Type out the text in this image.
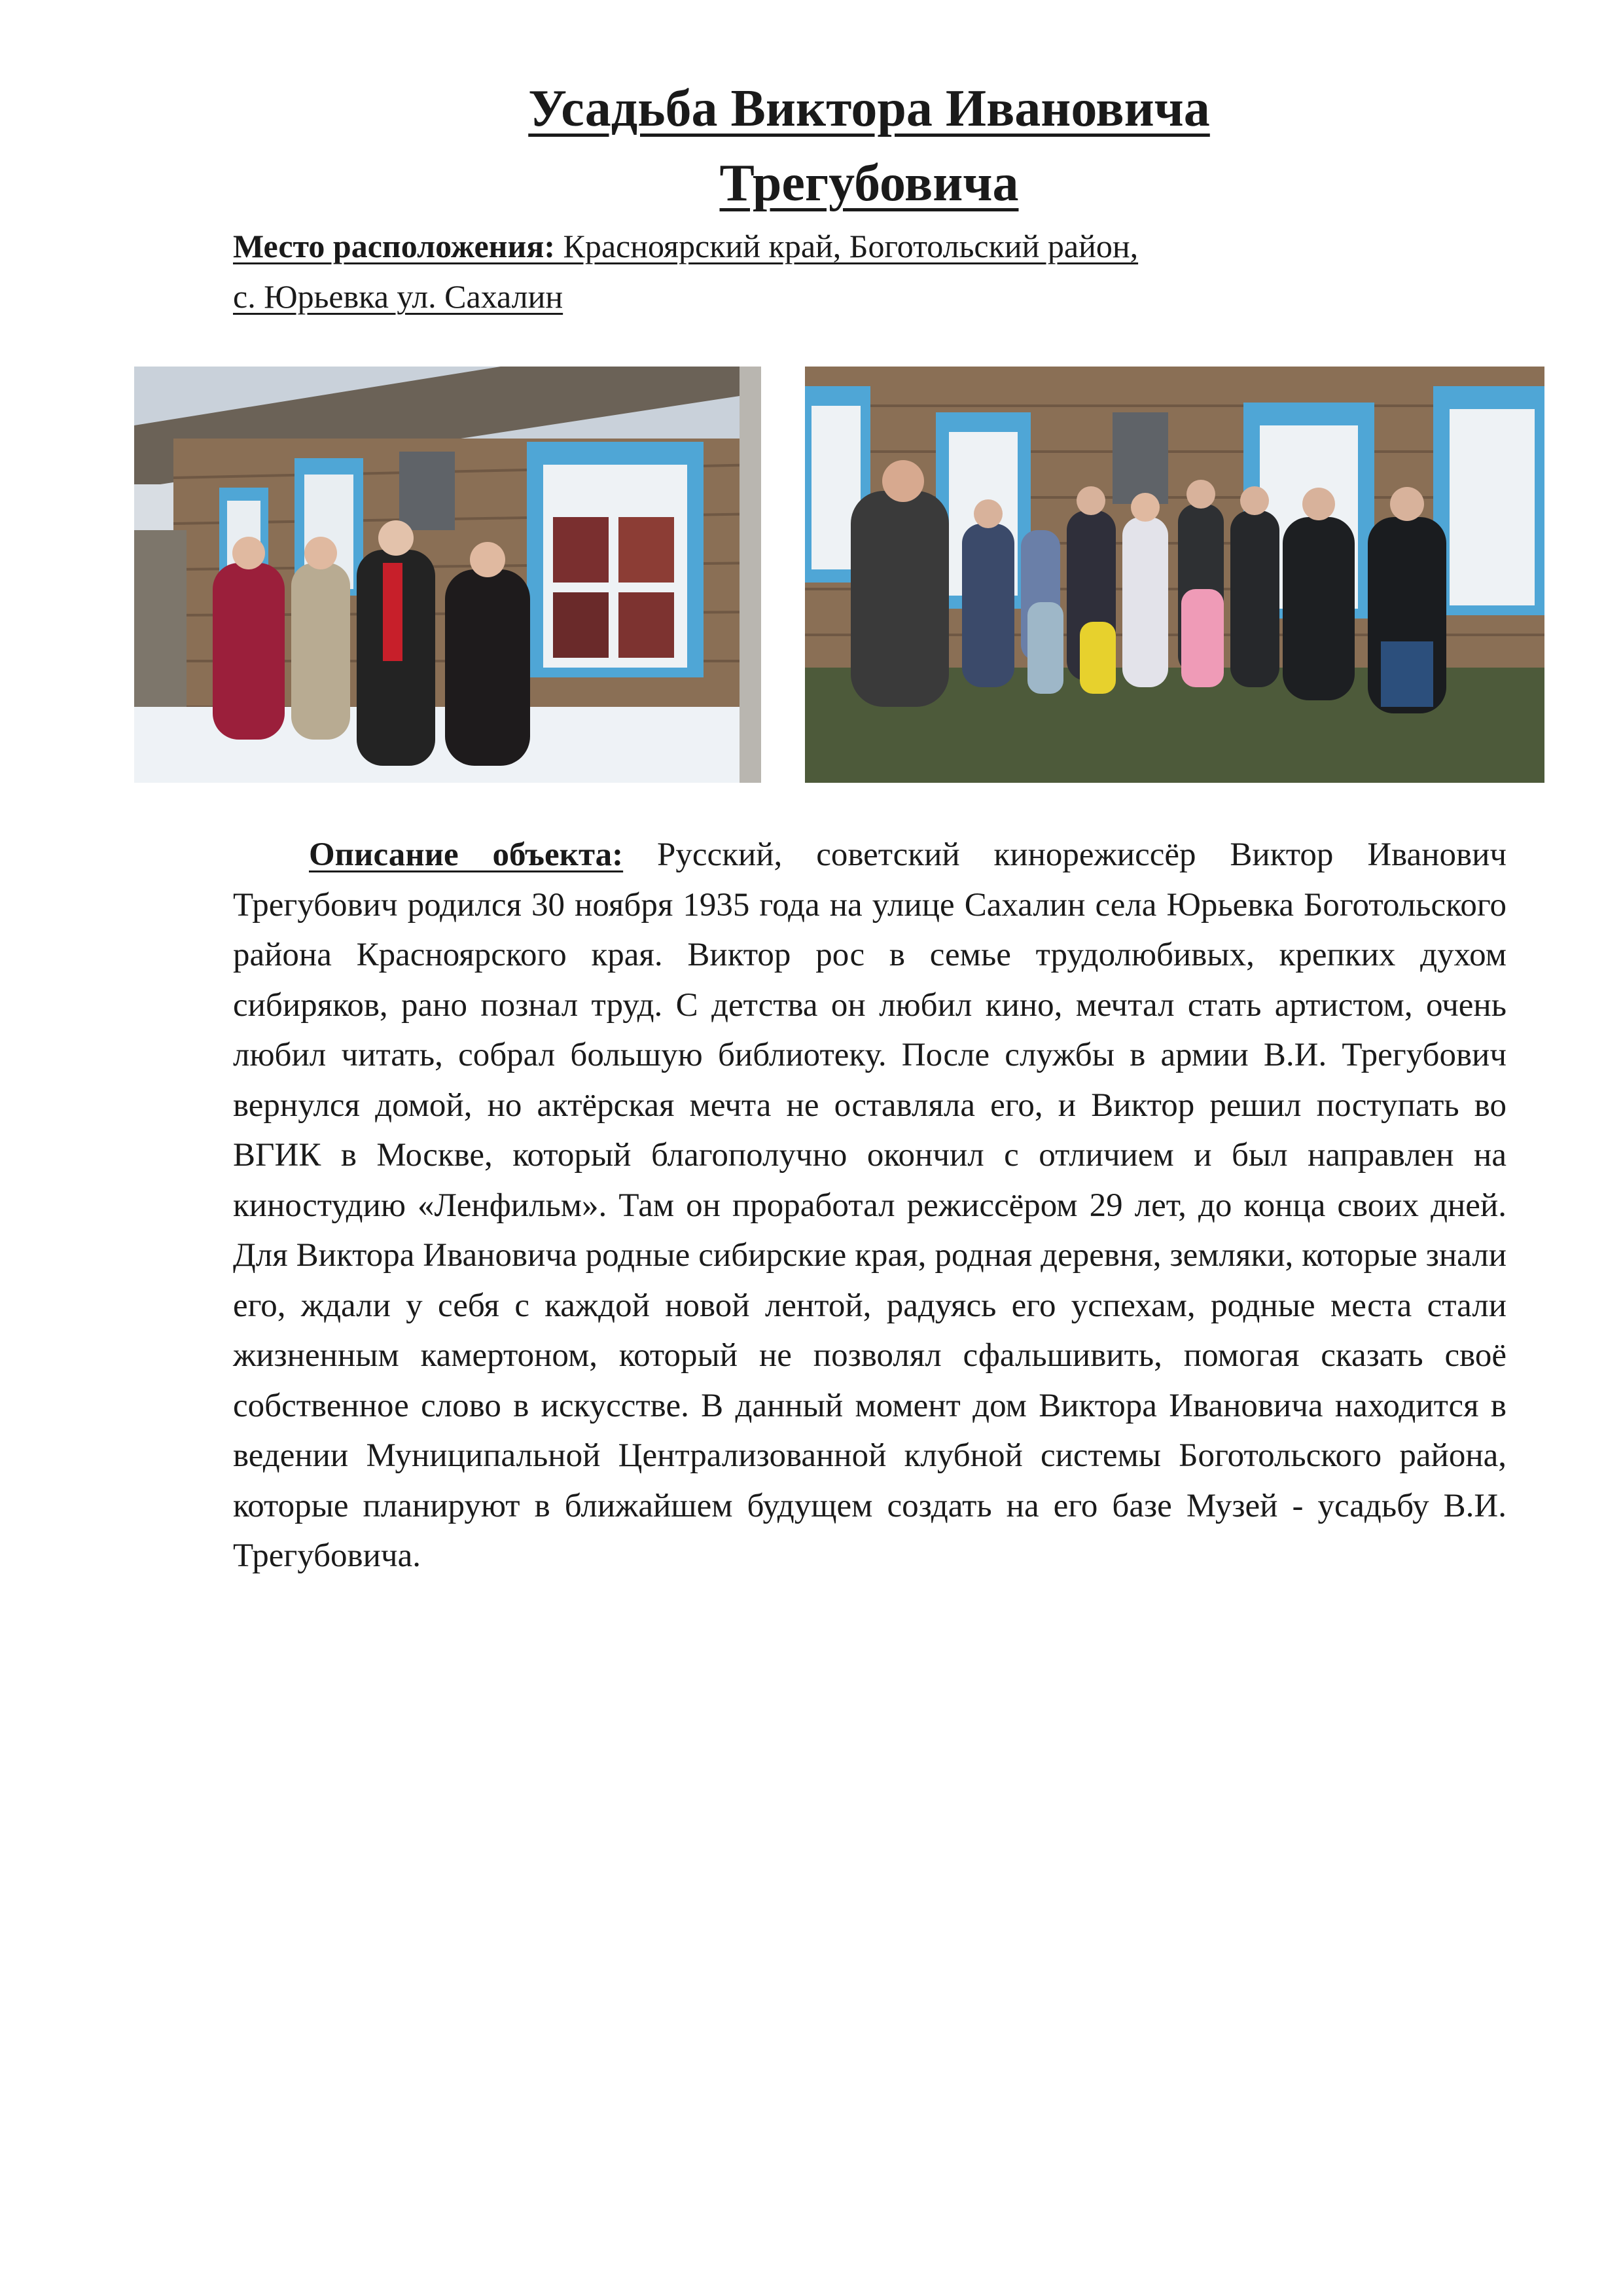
Усадьба Виктора Ивановича
Трегубовича
Место расположения: Красноярский край, Боготольский район,
с. Юрьевка ул. Сахалин

Описание объекта: Русский, советский кинорежиссёр Виктор Иванович Трегубович родился 30 ноября 1935 года на улице Сахалин села Юрьевка Боготольского района Красноярского края. Виктор рос в семье трудолюбивых, крепких духом сибиряков, рано познал труд. С детства он любил кино, мечтал стать артистом, очень любил читать, собрал большую библиотеку. После службы в армии В.И. Трегубович вернулся домой, но актёрская мечта не оставляла его, и Виктор решил поступать во ВГИК в Москве, который благополучно окончил с отличием и был направлен на киностудию «Ленфильм». Там он проработал режиссёром 29 лет, до конца своих дней. Для Виктора Ивановича родные сибирские края, родная деревня, земляки, которые знали его, ждали у себя с каждой новой лентой, радуясь его успехам, родные места стали жизненным камертоном, который не позволял сфальшивить, помогая сказать своё собственное слово в искусстве. В данный момент дом Виктора Ивановича находится в ведении Муниципальной Централизованной клубной системы Боготольского района, которые планируют в ближайшем будущем создать на его базе Музей - усадьбу В.И. Трегубовича.
